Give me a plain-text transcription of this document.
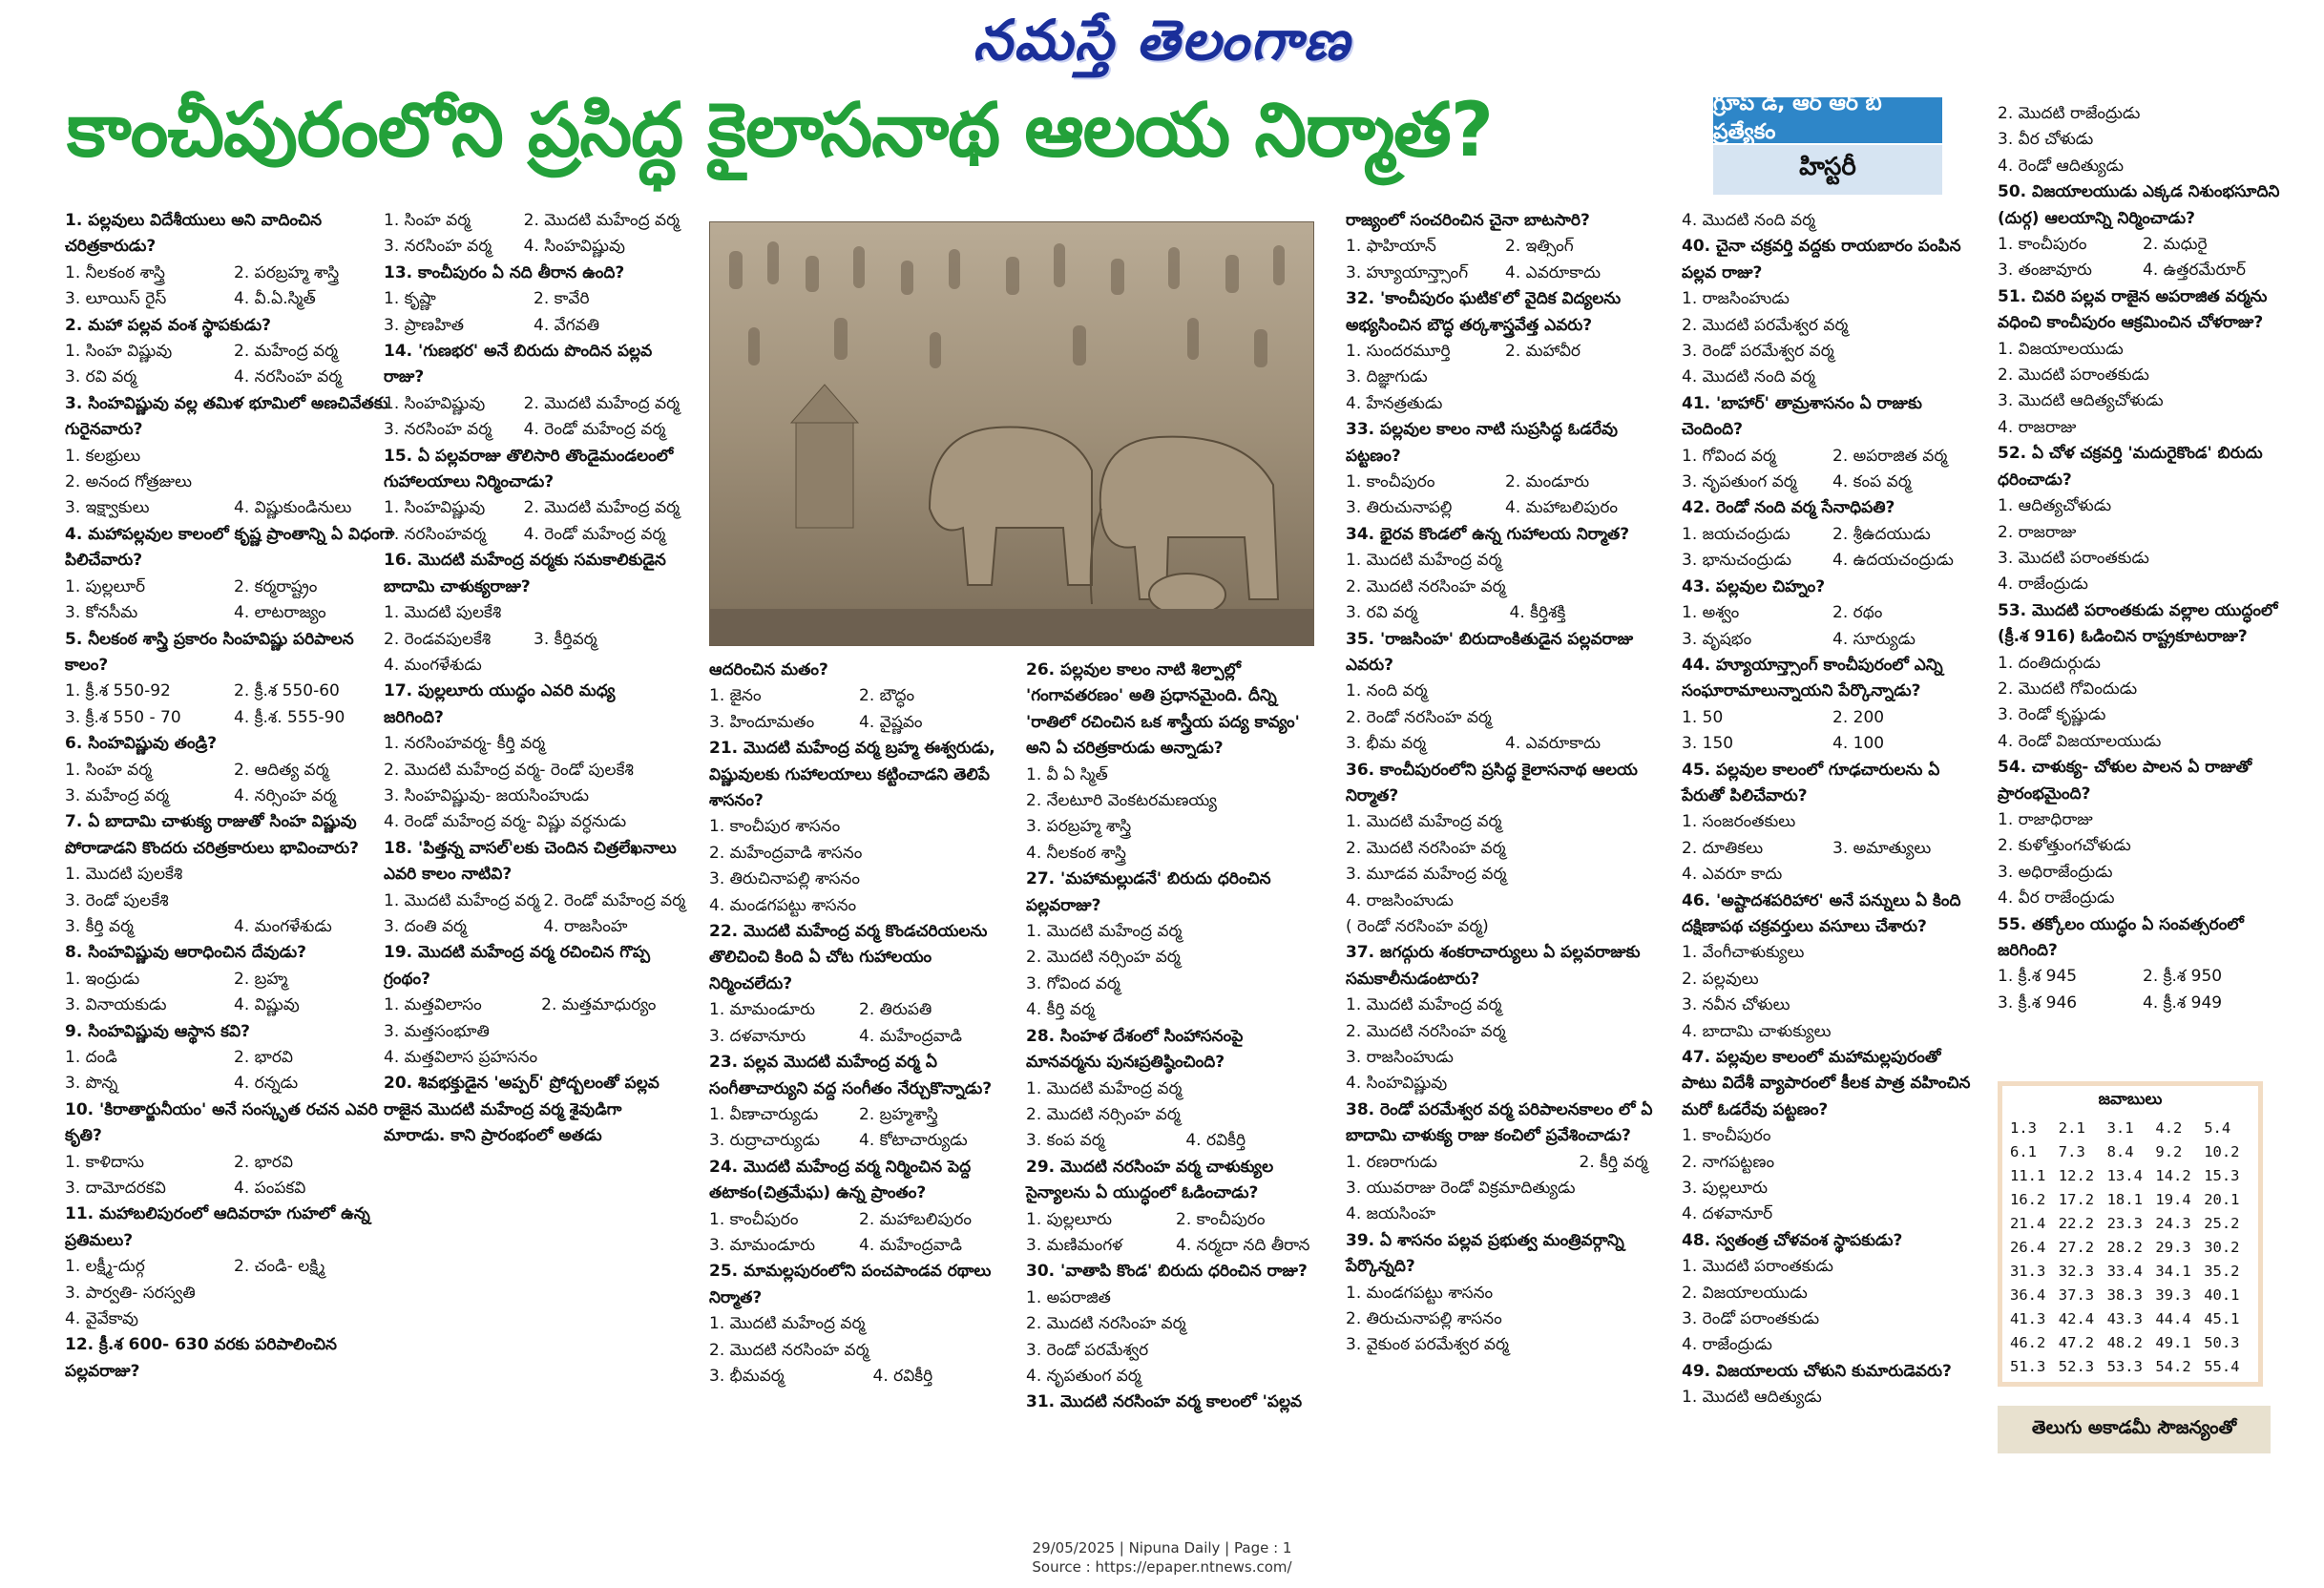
నమస్తే తెలంగాణ
కాంచీపురంలోని ప్రసిద్ధ కైలాసనాథ ఆలయ నిర్మాత?	గ్రూప్ డి, ఆర్ ఆర్ బి ప్రత్యేకం
హిస్టరీ
1. పల్లవులు విదేశీయులు అని వాదించిన చరిత్రకారుడు?
1. నీలకంఠ శాస్త్రి	2. పరబ్రహ్మ శాస్త్రి
3. లూయిస్ రైస్	4. వీ.ఏ.స్మిత్
2. మహా పల్లవ వంశ స్థాపకుడు?
1. సింహ విష్ణువు	2. మహేంద్ర వర్మ
3. రవి వర్మ	4. నరసింహ వర్మ
3. సింహవిష్ణువు వల్ల తమిళ భూమిలో అణచివేతకు గురైనవారు?
1. కలభ్రులు
2. అనంద గోత్రజులు
3. ఇక్ష్వాకులు	4. విష్ణుకుండినులు
4. మహాపల్లవుల కాలంలో కృష్ణ ప్రాంతాన్ని ఏ విధంగా పిలిచేవారు?
1. పుల్లలూర్	2. కర్మరాష్ట్రం
3. కోనసీమ	4. లాటరాజ్యం
5. నీలకంఠ శాస్త్రి ప్రకారం సింహవిష్ణు పరిపాలన కాలం?
1. క్రీ.శ 550-92	2. క్రీ.శ 550-60
3. క్రీ.శ 550 - 70	4. క్రీ.శ. 555-90
6. సింహవిష్ణువు తండ్రి?
1. సింహ వర్మ	2. ఆదిత్య వర్మ
3. మహేంద్ర వర్మ	4. నర్సింహ వర్మ
7. ఏ బాదామి చాళుక్య రాజుతో సింహ విష్ణువు పోరాడాడని కొందరు చరిత్రకారులు భావించారు?
1. మొదటి పులకేశి
3. రెండో పులకేశి
3. కీర్తి వర్మ	4. మంగళేశుడు
8. సింహవిష్ణువు ఆరాధించిన దేవుడు?
1. ఇంద్రుడు	2. బ్రహ్మ
3. వినాయకుడు	4. విష్ణువు
9. సింహవిష్ణువు ఆస్థాన కవి?
1. దండి	2. భారవి
3. పొన్న	4. రన్నడు
10. 'కిరాతార్జునీయం' అనే సంస్కృత రచన ఎవరి కృతి?
1. కాళిదాసు	2. భారవి
3. దామోదరకవి	4. పంపకవి
11. మహాబలిపురంలో ఆదివరాహ గుహలో ఉన్న ప్రతిమలు?
1. లక్ష్మీ-దుర్గ	2. చండి- లక్ష్మి
3. పార్వతి- సరస్వతి
4. వైవేకావు
12. క్రీ.శ 600- 630 వరకు పరిపాలించిన పల్లవరాజు?
1. సింహ వర్మ	2. మొదటి మహేంద్ర వర్మ
3. నరసింహ వర్మ	4. సింహవిష్ణువు
13. కాంచీపురం ఏ నది తీరాన ఉంది?
1. కృష్ణా	2. కావేరి
3. ప్రాణహిత	4. వేగవతి
14. 'గుణభర' అనే బిరుదు పొందిన పల్లవ రాజు?
1. సింహవిష్ణువు	2. మొదటి మహేంద్ర వర్మ
3. నరసింహ వర్మ	4. రెండో మహేంద్ర వర్మ
15. ఏ పల్లవరాజు తొలిసారి తొండైమండలంలో గుహాలయాలు నిర్మించాడు?
1. సింహవిష్ణువు	2. మొదటి మహేంద్ర వర్మ
3. నరసింహవర్మ	4. రెండో మహేంద్ర వర్మ
16. మొదటి మహేంద్ర వర్మకు సమకాలికుడైన బాదామి చాళుక్యరాజు?
1. మొదటి పులకేశి
2. రెండవపులకేశి	3. కీర్తివర్మ
4. మంగళేశుడు
17. పుల్లలూరు యుద్ధం ఎవరి మధ్య జరిగింది?
1. నరసింహవర్మ- కీర్తి వర్మ
2. మొదటి మహేంద్ర వర్మ- రెండో పులకేశి
3. సింహవిష్ణువు- జయసింహుడు
4. రెండో మహేంద్ర వర్మ- విష్ణు వర్ధనుడు
18. 'పిత్తన్న వాసల్'లకు చెందిన చిత్రలేఖనాలు ఎవరి కాలం నాటివి?
1. మొదటి మహేంద్ర వర్మ 2. రెండో మహేంద్ర వర్మ
3. దంతి వర్మ	4. రాజసింహ
19. మొదటి మహేంద్ర వర్మ రచించిన గొప్ప గ్రంథం?
1. మత్తవిలాసం	2. మత్తమాధుర్యం
3. మత్తసంభూతి
4. మత్తవిలాస ప్రహసనం
20. శివభక్తుడైన 'అప్పర్' ప్రోద్బలంతో పల్లవ రాజైన మొదటి మహేంద్ర వర్మ శైవుడిగా మారాడు. కాని ప్రారంభంలో అతడు
ఆదరించిన మతం?
1. జైనం	2. బౌద్ధం
3. హిందూమతం	4. వైష్ణవం
21. మొదటి మహేంద్ర వర్మ బ్రహ్మ ఈశ్వరుడు, విష్ణువులకు గుహాలయాలు కట్టించాడని తెలిపే శాసనం?
1. కాంచీపుర శాసనం
2. మహేంద్రవాడి శాసనం
3. తిరుచినాపల్లి శాసనం
4. మండగపట్టు శాసనం
22. మొదటి మహేంద్ర వర్మ కొండచరియలను తొలిచించి కింది ఏ చోట గుహాలయం నిర్మించలేదు?
1. మామండూరు	2. తిరుపతి
3. దళవానూరు	4. మహేంద్రవాడి
23. పల్లవ మొదటి మహేంద్ర వర్మ ఏ సంగీతాచార్యుని వద్ద సంగీతం నేర్చుకొన్నాడు?
1. వీణాచార్యుడు	2. బ్రహ్మశాస్త్రి
3. రుద్రాచార్యుడు	4. కోటాచార్యుడు
24. మొదటి మహేంద్ర వర్మ నిర్మించిన పెద్ద తటాకం(చిత్రమేఘ) ఉన్న ప్రాంతం?
1. కాంచీపురం	2. మహాబలిపురం
3. మామండూరు	4. మహేంద్రవాడి
25. మామల్లపురంలోని పంచపాండవ రథాలు నిర్మాత?
1. మొదటి మహేంద్ర వర్మ
2. మొదటి నరసింహ వర్మ
3. భీమవర్మ	4. రవికీర్తి
26. పల్లవుల కాలం నాటి శిల్పాల్లో 'గంగావతరణం' అతి ప్రధానమైంది. దీన్ని 'రాతిలో రచించిన ఒక శాస్త్రీయ పద్య కావ్యం' అని ఏ చరిత్రకారుడు అన్నాడు?
1. వీ ఏ స్మిత్
2. నేలటూరి వెంకటరమణయ్య
3. పరబ్రహ్మ శాస్త్రి
4. నీలకంఠ శాస్త్రి
27. 'మహామల్లుడనే' బిరుదు ధరించిన పల్లవరాజు?
1. మొదటి మహేంద్ర వర్మ
2. మొదటి నర్సింహ వర్మ
3. గోవింద వర్మ
4. కీర్తి వర్మ
28. సింహళ దేశంలో సింహాసనంపై మానవర్మను పునఃప్రతిష్ఠించింది?
1. మొదటి మహేంద్ర వర్మ
2. మొదటి నర్సింహ వర్మ
3. కంప వర్మ	4. రవికీర్తి
29. మొదటి నరసింహ వర్మ చాళుక్యుల సైన్యాలను ఏ యుద్ధంలో ఓడించాడు?
1. పుల్లలూరు	2. కాంచీపురం
3. మణిమంగళ	4. నర్మదా నది తీరాన
30. 'వాతాపి కొండ' బిరుదు ధరించిన రాజు?
1. అపరాజిత
2. మొదటి నరసింహ వర్మ
3. రెండో పరమేశ్వర
4. నృపతుంగ వర్మ
31. మొదటి నరసింహ వర్మ కాలంలో 'పల్లవ
రాజ్యంలో సంచరించిన చైనా బాటసారి?
1. ఫాహియాన్	2. ఇత్సింగ్
3. హ్యూయాన్త్సాంగ్	4. ఎవరూకాదు
32. 'కాంచీపురం ఘటిక'లో వైదిక విద్యలను అభ్యసించిన బౌద్ధ తర్కశాస్త్రవేత్త ఎవరు?
1. సుందరమూర్తి	2. మహావీర
3. దిజ్ఞాగుడు
4. హేనత్రతుడు
33. పల్లవుల కాలం నాటి సుప్రసిద్ధ ఓడరేవు పట్టణం?
1. కాంచీపురం	2. మండూరు
3. తిరుచునాపల్లి	4. మహాబలిపురం
34. భైరవ కొండలో ఉన్న గుహాలయ నిర్మాత?
1. మొదటి మహేంద్ర వర్మ
2. మొదటి నరసింహ వర్మ
3. రవి వర్మ	4. కీర్తిశక్తి
35. 'రాజసింహ' బిరుదాంకితుడైన పల్లవరాజు ఎవరు?
1. నంది వర్మ
2. రెండో నరసింహ వర్మ
3. భీమ వర్మ	4. ఎవరూకాదు
36. కాంచీపురంలోని ప్రసిద్ధ కైలాసనాథ ఆలయ నిర్మాత?
1. మొదటి మహేంద్ర వర్మ
2. మొదటి నరసింహ వర్మ
3. మూడవ మహేంద్ర వర్మ
4. రాజసింహుడు
( రెండో నరసింహ వర్మ)
37. జగద్గురు శంకరాచార్యులు ఏ పల్లవరాజుకు సమకాలీనుడంటారు?
1. మొదటి మహేంద్ర వర్మ
2. మొదటి నరసింహ వర్మ
3. రాజసింహుడు
4. సింహవిష్ణువు
38. రెండో పరమేశ్వర వర్మ పరిపాలనకాలం లో ఏ బాదామి చాళుక్య రాజు కంచిలో ప్రవేశించాడు?
1. రణరాగుడు	2. కీర్తి వర్మ
3. యువరాజు రెండో విక్రమాదిత్యుడు
4. జయసింహ
39. ఏ శాసనం పల్లవ ప్రభుత్వ మంత్రివర్గాన్ని పేర్కొన్నది?
1. మండగపట్టు శాసనం
2. తిరుచునాపల్లి శాసనం
3. వైకుంఠ పరమేశ్వర వర్మ
4. మొదటి నంది వర్మ
40. చైనా చక్రవర్తి వద్దకు రాయబారం పంపిన పల్లవ రాజు?
1. రాజసింహుడు
2. మొదటి పరమేశ్వర వర్మ
3. రెండో పరమేశ్వర వర్మ
4. మొదటి నంది వర్మ
41. 'బాహార్' తామ్రశాసనం ఏ రాజుకు చెందింది?
1. గోవింద వర్మ	2. అపరాజిత వర్మ
3. నృపతుంగ వర్మ	4. కంప వర్మ
42. రెండో నంది వర్మ సేనాధిపతి?
1. జయచంద్రుడు	2. శ్రీఉదయుడు
3. భానుచంద్రుడు	4. ఉదయచంద్రుడు
43. పల్లవుల చిహ్నం?
1. అశ్వం	2. రథం
3. వృషభం	4. సూర్యుడు
44. హ్యూయాన్త్సాంగ్ కాంచీపురంలో ఎన్ని సంఘారామాలున్నాయని పేర్కొన్నాడు?
1. 50	2. 200
3. 150	4. 100
45. పల్లవుల కాలంలో గూఢచారులను ఏ పేరుతో పిలిచేవారు?
1. సంజరంతకులు
2. దూతికలు	3. అమాత్యులు
4. ఎవరూ కాదు
46. 'అష్టాదశపరిహార' అనే పన్నులు ఏ కింది దక్షిణాపథ చక్రవర్తులు వసూలు చేశారు?
1. వేంగీచాళుక్యులు
2. పల్లవులు
3. నవీన చోళులు
4. బాదామి చాళుక్యులు
47. పల్లవుల కాలంలో మహామల్లపురంతో పాటు విదేశీ వ్యాపారంలో కీలక పాత్ర వహించిన మరో ఓడరేవు పట్టణం?
1. కాంచీపురం
2. నాగపట్టణం
3. పుల్లలూరు
4. దళవానూర్
48. స్వతంత్ర చోళవంశ స్థాపకుడు?
1. మొదటి పరాంతకుడు
2. విజయాలయుడు
3. రెండో పరాంతకుడు
4. రాజేంద్రుడు
49. విజయాలయ చోళుని కుమారుడెవరు?
1. మొదటి ఆదిత్యుడు
2. మొదటి రాజేంద్రుడు
3. వీర చోళుడు
4. రెండో ఆదిత్యుడు
50. విజయాలయుడు ఎక్కడ నిశుంభసూదిని (దుర్గ) ఆలయాన్ని నిర్మించాడు?
1. కాంచీపురం	2. మధురై
3. తంజావూరు	4. ఉత్తరమేరూర్
51. చివరి పల్లవ రాజైన అపరాజిత వర్మను వధించి కాంచీపురం ఆక్రమించిన చోళరాజు?
1. విజయాలయుడు
2. మొదటి పరాంతకుడు
3. మొదటి ఆదిత్యచోళుడు
4. రాజరాజు
52. ఏ చోళ చక్రవర్తి 'మదురైకొండ' బిరుదు ధరించాడు?
1. ఆదిత్యచోళుడు
2. రాజరాజు
3. మొదటి పరాంతకుడు
4. రాజేంద్రుడు
53. మొదటి పరాంతకుడు వల్లాల యుద్ధంలో (క్రీ.శ 916) ఓడించిన రాష్ట్రకూటరాజు?
1. దంతిదుర్గుడు
2. మొదటి గోవిందుడు
3. రెండో కృష్ణుడు
4. రెండో విజయాలయుడు
54. చాళుక్య- చోళుల పాలన ఏ రాజుతో ప్రారంభమైంది?
1. రాజాధిరాజు
2. కుళోత్తుంగచోళుడు
3. అధిరాజేంద్రుడు
4. వీర రాజేంద్రుడు
55. తక్కోలం యుద్ధం ఏ సంవత్సరంలో జరిగింది?
1. క్రీ.శ 945	2. క్రీ.శ 950
3. క్రీ.శ 946	4. క్రీ.శ 949
జవాబులు
1.3	2.1	3.1	4.2	5.4
6.1	7.3	8.4	9.2	10.2
11.1 12.2 13.4 14.2 15.3
16.2 17.2 18.1 19.4 20.1
21.4 22.2 23.3 24.3 25.2
26.4 27.2 28.2 29.3 30.2
31.3 32.3 33.4 34.1 35.2
36.4 37.3 38.3 39.3 40.1
41.3 42.4 43.3 44.4 45.1
46.2 47.2 48.2 49.1 50.3
51.3 52.3 53.3 54.2 55.4
తెలుగు అకాడమీ సౌజన్యంతో
29/05/2025 | Nipuna Daily | Page : 1
Source : https://epaper.ntnews.com/
